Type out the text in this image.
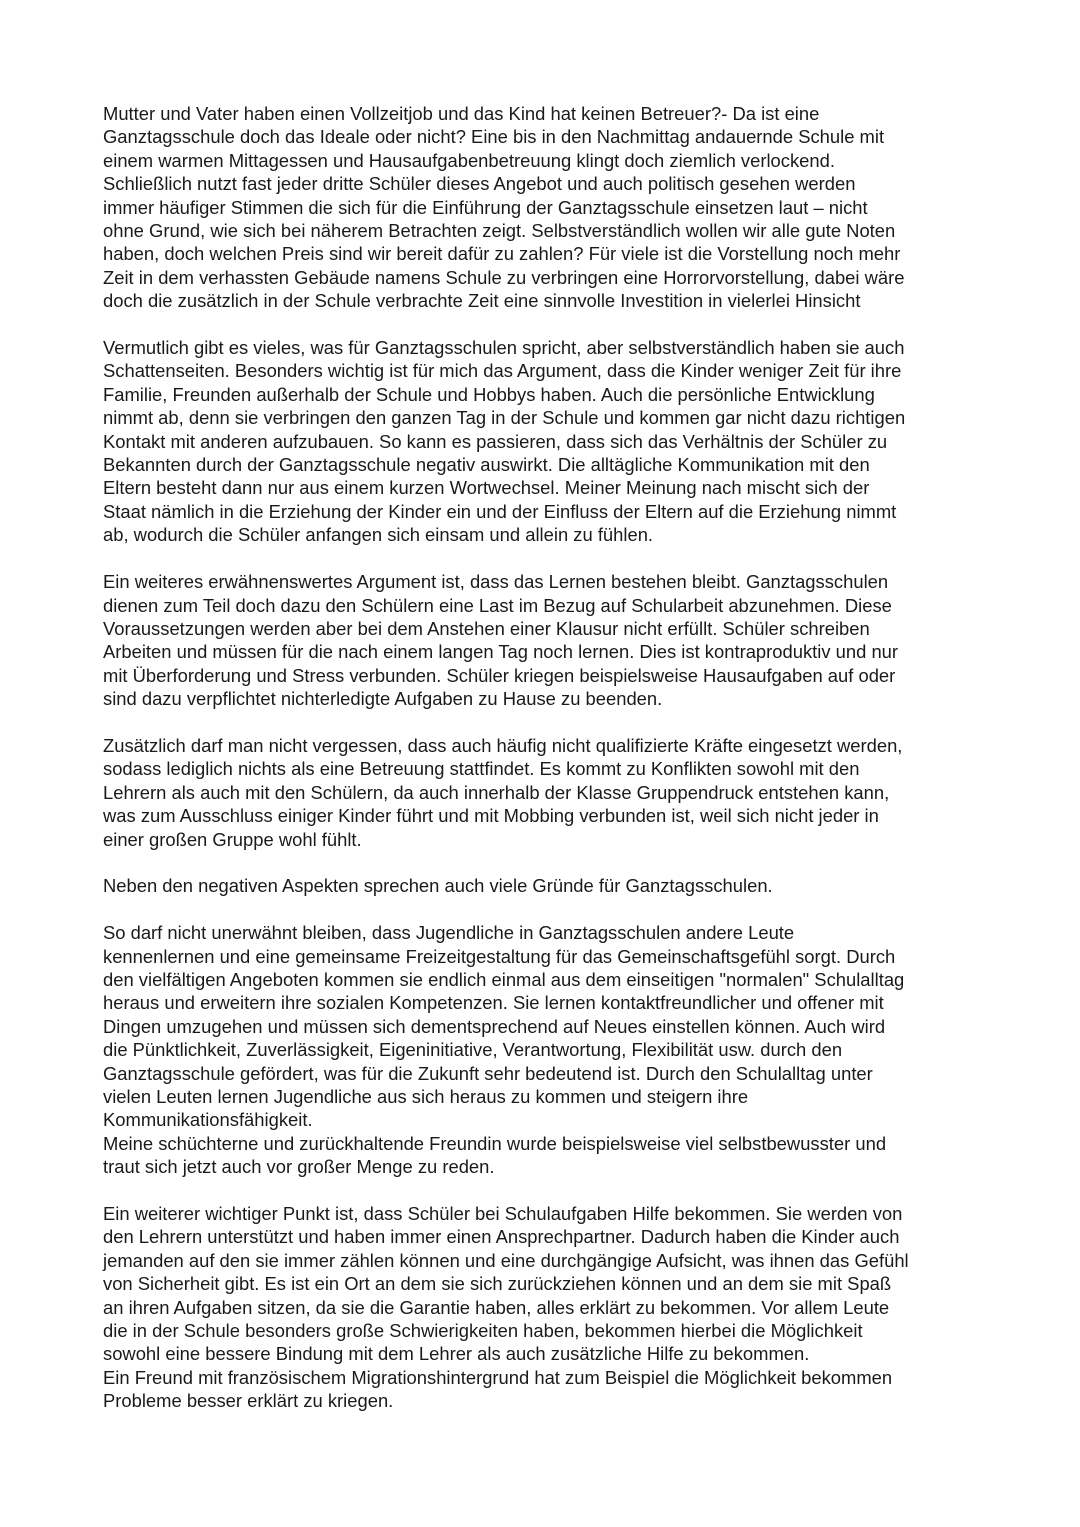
Mutter und Vater haben einen Vollzeitjob und das Kind hat keinen Betreuer?- Da ist eine
Ganztagsschule doch das Ideale oder nicht? Eine bis in den Nachmittag andauernde Schule mit
einem warmen Mittagessen und Hausaufgabenbetreuung klingt doch ziemlich verlockend.
Schließlich nutzt fast jeder dritte Schüler dieses Angebot und auch politisch gesehen werden
immer häufiger Stimmen die sich für die Einführung der Ganztagsschule einsetzen laut – nicht
ohne Grund, wie sich bei näherem Betrachten zeigt. Selbstverständlich wollen wir alle gute Noten
haben, doch welchen Preis sind wir bereit dafür zu zahlen? Für viele ist die Vorstellung noch mehr
Zeit in dem verhassten Gebäude namens Schule zu verbringen eine Horrorvorstellung, dabei wäre
doch die zusätzlich in der Schule verbrachte Zeit eine sinnvolle Investition in vielerlei Hinsicht

Vermutlich gibt es vieles, was für Ganztagsschulen spricht, aber selbstverständlich haben sie auch
Schattenseiten. Besonders wichtig ist für mich das Argument, dass die Kinder weniger Zeit für ihre
Familie, Freunden außerhalb der Schule und Hobbys haben. Auch die persönliche Entwicklung
nimmt ab, denn sie verbringen den ganzen Tag in der Schule und kommen gar nicht dazu richtigen
Kontakt mit anderen aufzubauen. So kann es passieren, dass sich das Verhältnis der Schüler zu
Bekannten durch der Ganztagsschule negativ auswirkt. Die alltägliche Kommunikation mit den
Eltern besteht dann nur aus einem kurzen Wortwechsel. Meiner Meinung nach mischt sich der
Staat nämlich in die Erziehung der Kinder ein und der Einfluss der Eltern auf die Erziehung nimmt
ab, wodurch die Schüler anfangen sich einsam und allein zu fühlen.

Ein weiteres erwähnenswertes Argument ist, dass das Lernen bestehen bleibt. Ganztagsschulen
dienen zum Teil doch dazu den Schülern eine Last im Bezug auf Schularbeit abzunehmen. Diese
Voraussetzungen werden aber bei dem Anstehen einer Klausur nicht erfüllt. Schüler schreiben
Arbeiten und müssen für die nach einem langen Tag noch lernen. Dies ist kontraproduktiv und nur
mit Überforderung und Stress verbunden. Schüler kriegen beispielsweise Hausaufgaben auf oder
sind dazu verpflichtet nichterledigte Aufgaben zu Hause zu beenden.

Zusätzlich darf man nicht vergessen, dass auch häufig nicht qualifizierte Kräfte eingesetzt werden,
sodass lediglich nichts als eine Betreuung stattfindet. Es kommt zu Konflikten sowohl mit den
Lehrern als auch mit den Schülern, da auch innerhalb der Klasse Gruppendruck entstehen kann,
was zum Ausschluss einiger Kinder führt und mit Mobbing verbunden ist, weil sich nicht jeder in
einer großen Gruppe wohl fühlt.

Neben den negativen Aspekten sprechen auch viele Gründe für Ganztagsschulen.

So darf nicht unerwähnt bleiben, dass Jugendliche in Ganztagsschulen andere Leute
kennenlernen und eine gemeinsame Freizeitgestaltung für das Gemeinschaftsgefühl sorgt. Durch
den vielfältigen Angeboten kommen sie endlich einmal aus dem einseitigen "normalen" Schulalltag
heraus und erweitern ihre sozialen Kompetenzen. Sie lernen kontaktfreundlicher und offener mit
Dingen umzugehen und müssen sich dementsprechend auf Neues einstellen können. Auch wird
die Pünktlichkeit, Zuverlässigkeit, Eigeninitiative, Verantwortung, Flexibilität usw. durch den
Ganztagsschule gefördert, was für die Zukunft sehr bedeutend ist. Durch den Schulalltag unter
vielen Leuten lernen Jugendliche aus sich heraus zu kommen und steigern ihre
Kommunikationsfähigkeit.

Meine schüchterne und zurückhaltende Freundin wurde beispielsweise viel selbstbewusster und
traut sich jetzt auch vor großer Menge zu reden.

Ein weiterer wichtiger Punkt ist, dass Schüler bei Schulaufgaben Hilfe bekommen. Sie werden von
den Lehrern unterstützt und haben immer einen Ansprechpartner. Dadurch haben die Kinder auch
jemanden auf den sie immer zählen können und eine durchgängige Aufsicht, was ihnen das Gefühl
von Sicherheit gibt. Es ist ein Ort an dem sie sich zurückziehen können und an dem sie mit Spaß
an ihren Aufgaben sitzen, da sie die Garantie haben, alles erklärt zu bekommen. Vor allem Leute
die in der Schule besonders große Schwierigkeiten haben, bekommen hierbei die Möglichkeit
sowohl eine bessere Bindung mit dem Lehrer als auch zusätzliche Hilfe zu bekommen.

Ein Freund mit französischem Migrationshintergrund hat zum Beispiel die Möglichkeit bekommen
Probleme besser erklärt zu kriegen.
